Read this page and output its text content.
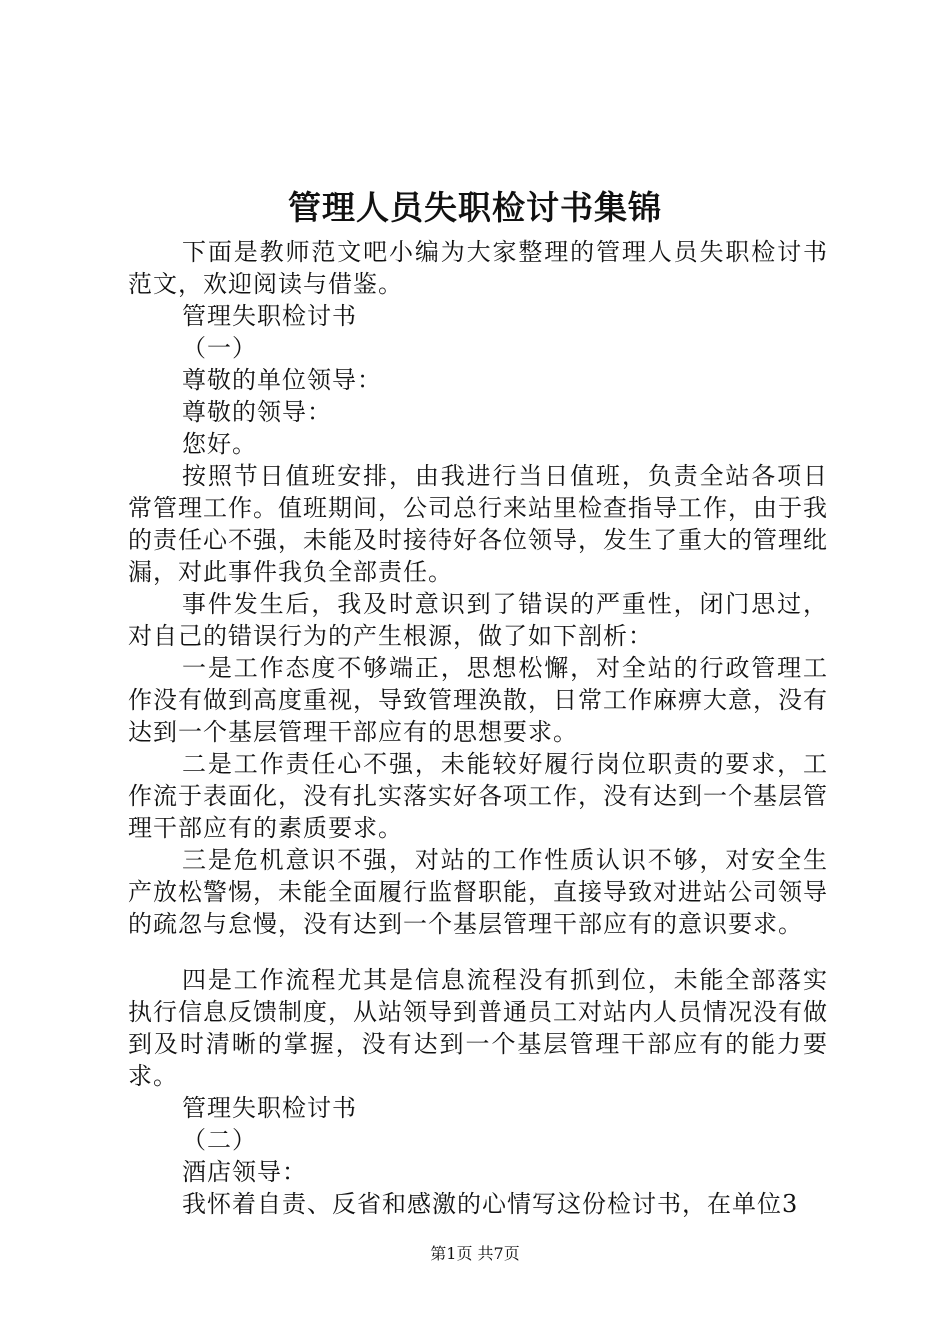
管理人员失职检讨书集锦

下面是教师范文吧小编为大家整理的管理人员失职检讨书范文，欢迎阅读与借鉴。

管理失职检讨书

（一）

尊敬的单位领导：

尊敬的领导：

您好。

按照节日值班安排，由我进行当日值班，负责全站各项日常管理工作。值班期间，公司总行来站里检查指导工作，由于我的责任心不强，未能及时接待好各位领导，发生了重大的管理纰漏，对此事件我负全部责任。

事件发生后，我及时意识到了错误的严重性，闭门思过，对自己的错误行为的产生根源，做了如下剖析：

一是工作态度不够端正，思想松懈，对全站的行政管理工作没有做到高度重视，导致管理涣散，日常工作麻痹大意，没有达到一个基层管理干部应有的思想要求。

二是工作责任心不强，未能较好履行岗位职责的要求，工作流于表面化，没有扎实落实好各项工作，没有达到一个基层管理干部应有的素质要求。

三是危机意识不强，对站的工作性质认识不够，对安全生产放松警惕，未能全面履行监督职能，直接导致对进站公司领导的疏忽与怠慢，没有达到一个基层管理干部应有的意识要求。

四是工作流程尤其是信息流程没有抓到位，未能全部落实执行信息反馈制度，从站领导到普通员工对站内人员情况没有做到及时清晰的掌握，没有达到一个基层管理干部应有的能力要求。

管理失职检讨书

（二）

酒店领导：

我怀着自责、反省和感激的心情写这份检讨书，在单位3

第1页 共7页
